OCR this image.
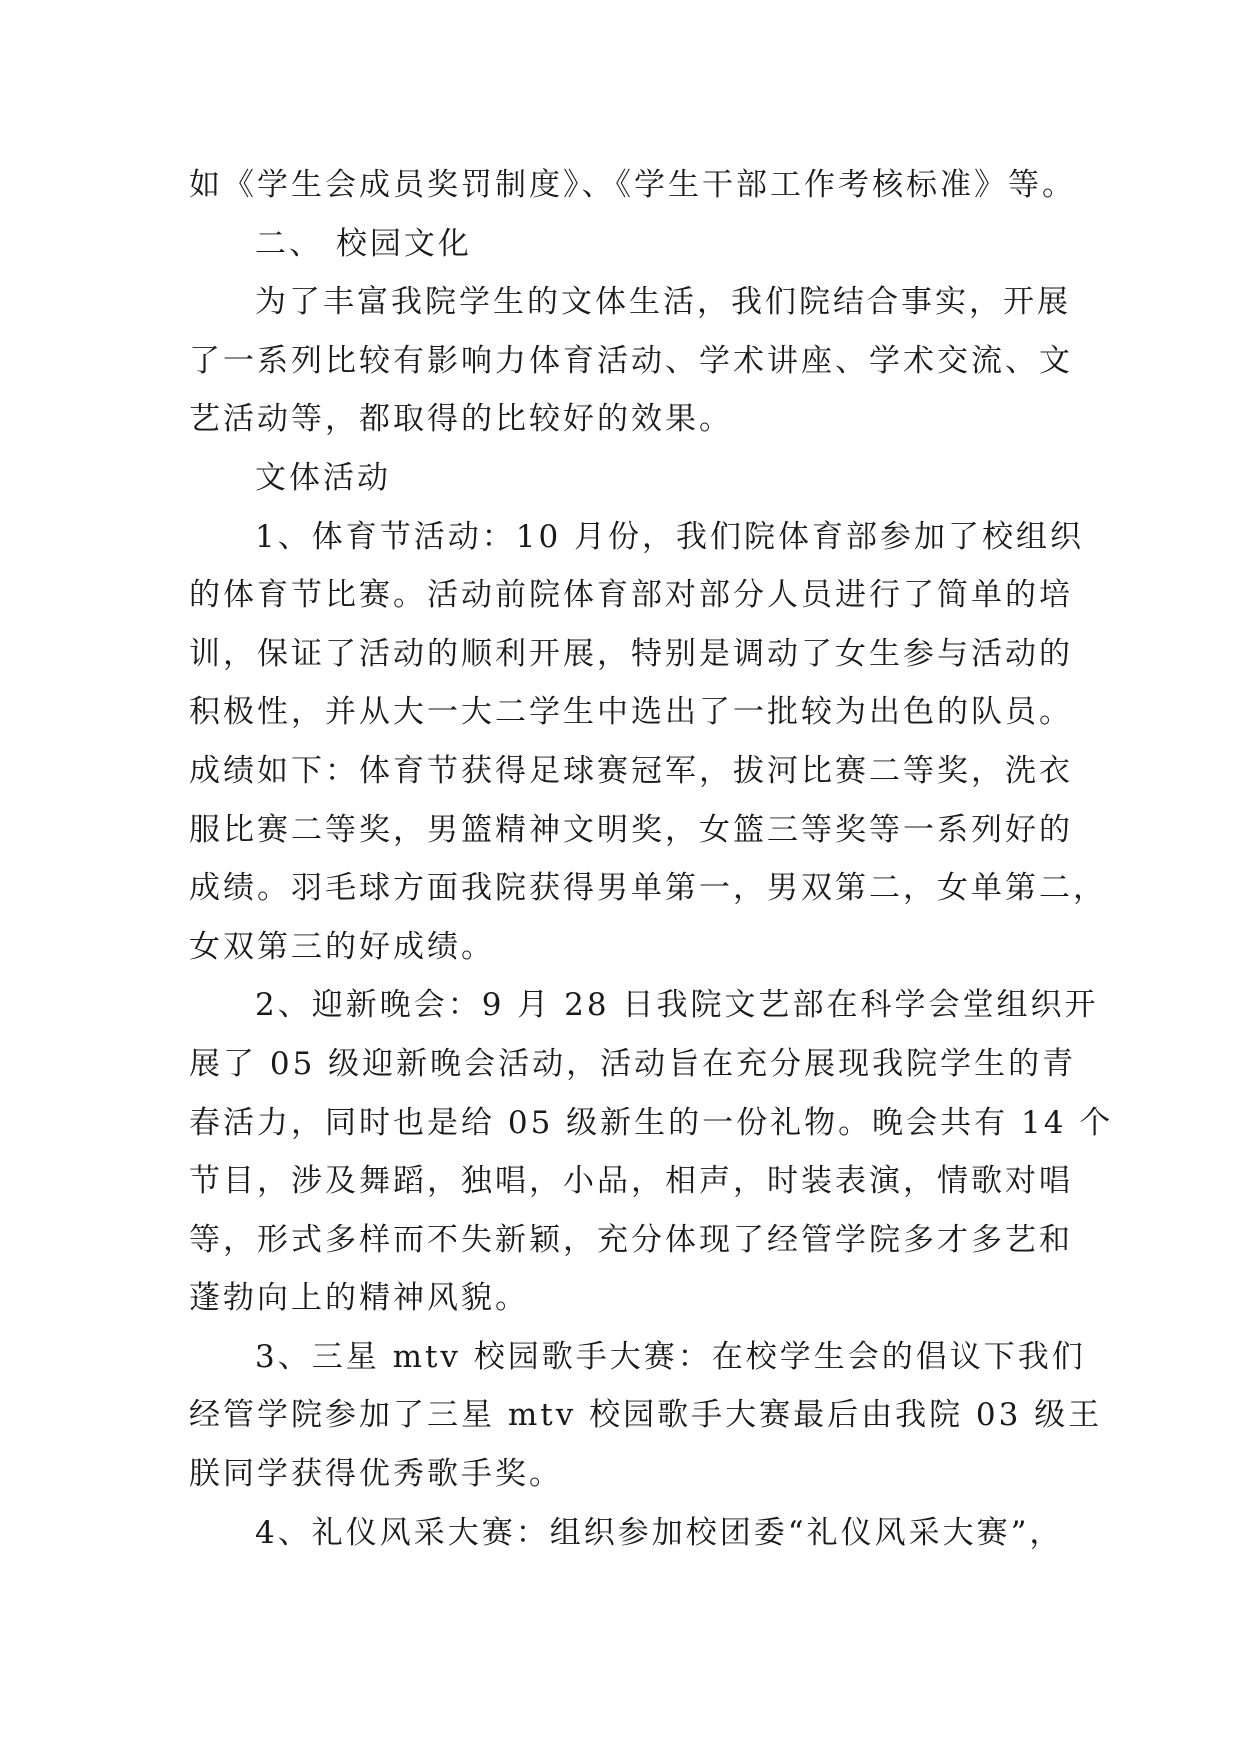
如《学生会成员奖罚制度》、《学生干部工作考核标准》等。
二、 校园文化
为了丰富我院学生的文体生活，我们院结合事实，开展
了一系列比较有影响力体育活动、学术讲座、学术交流、文
艺活动等，都取得的比较好的效果。
文体活动
1、体育节活动：10 月份，我们院体育部参加了校组织
的体育节比赛。活动前院体育部对部分人员进行了简单的培
训，保证了活动的顺利开展，特别是调动了女生参与活动的
积极性，并从大一大二学生中选出了一批较为出色的队员。
成绩如下：体育节获得足球赛冠军，拔河比赛二等奖，洗衣
服比赛二等奖，男篮精神文明奖，女篮三等奖等一系列好的
成绩。羽毛球方面我院获得男单第一，男双第二，女单第二，
女双第三的好成绩。
2、迎新晚会：9 月 28 日我院文艺部在科学会堂组织开
展了 05 级迎新晚会活动，活动旨在充分展现我院学生的青
春活力，同时也是给 05 级新生的一份礼物。晚会共有 14 个
节目，涉及舞蹈，独唱，小品，相声，时装表演，情歌对唱
等，形式多样而不失新颖，充分体现了经管学院多才多艺和
蓬勃向上的精神风貌。
3、三星 mtv 校园歌手大赛：在校学生会的倡议下我们
经管学院参加了三星 mtv 校园歌手大赛最后由我院 03 级王
朕同学获得优秀歌手奖。
4、礼仪风采大赛：组织参加校团委“礼仪风采大赛”，
